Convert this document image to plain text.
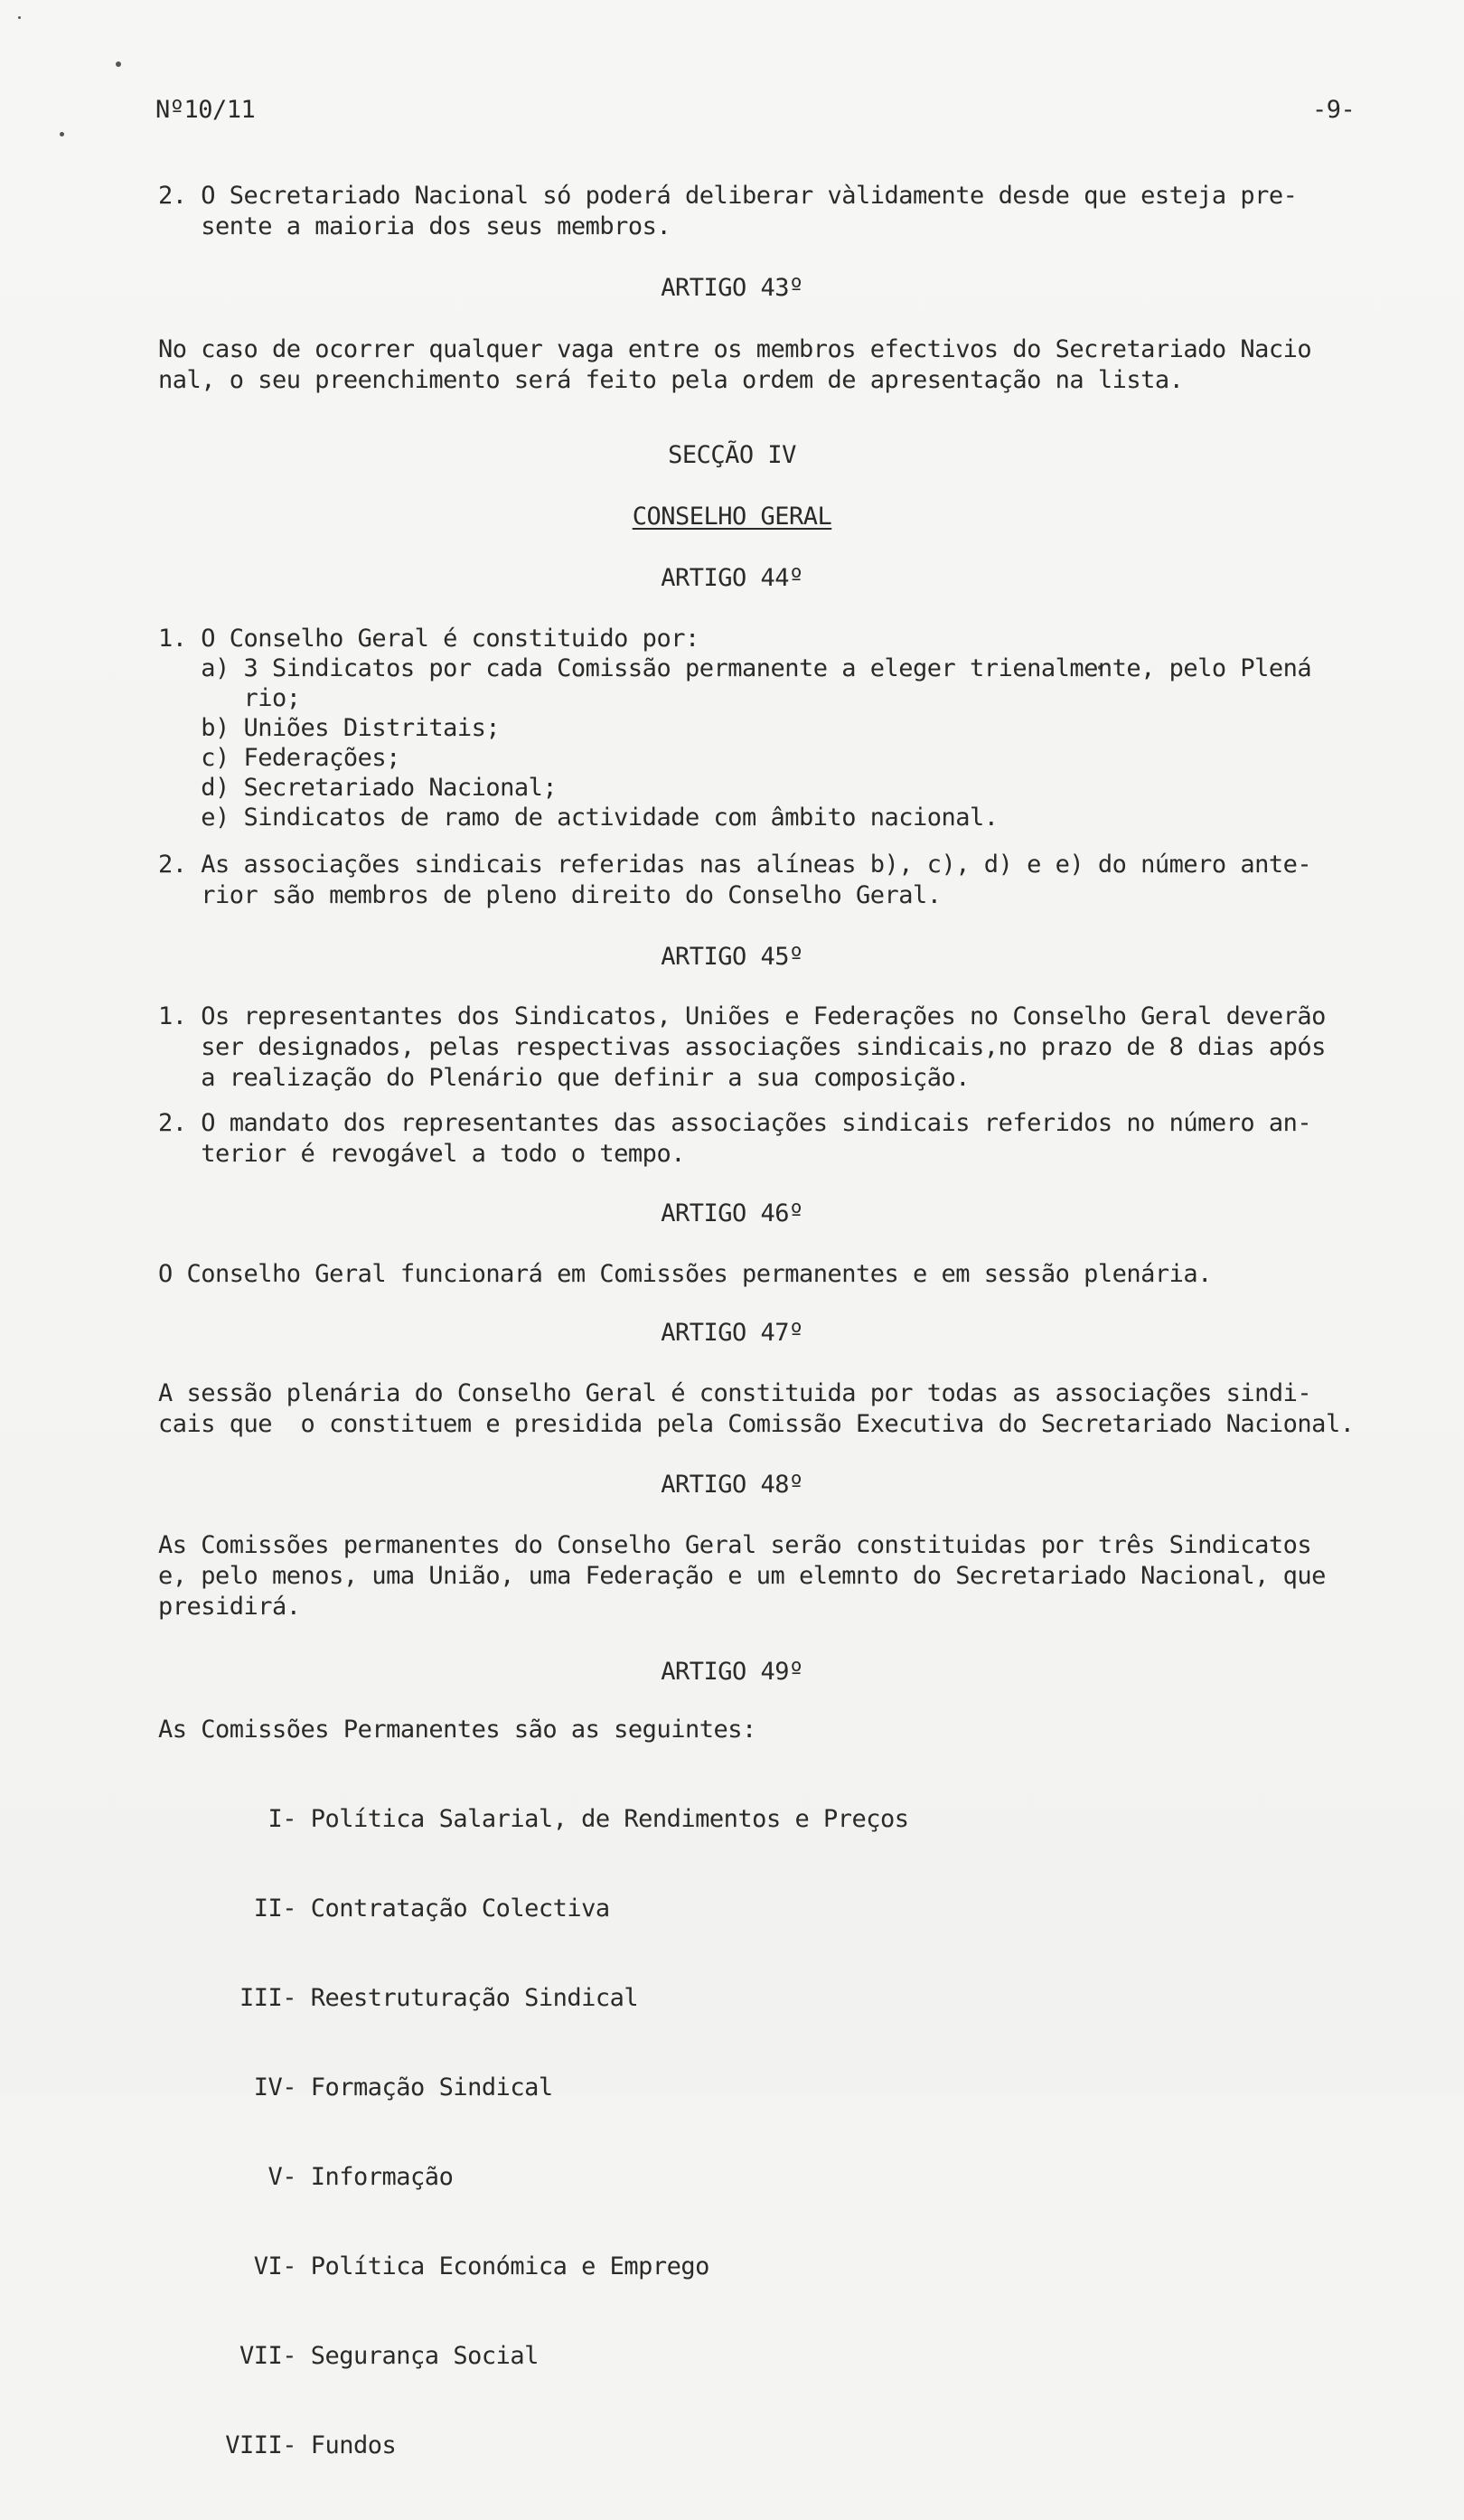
Nº10/11	-9-
2. O Secretariado Nacional só poderá deliberar vàlidamente desde que esteja pre-
sente a maioria dos seus membros.
ARTIGO 43º
No caso de ocorrer qualquer vaga entre os membros efectivos do Secretariado Nacio
nal, o seu preenchimento será feito pela ordem de apresentação na lista.
SECÇÃO IV
CONSELHO GERAL
ARTIGO 44º
1. O Conselho Geral é constituido por:
a) 3 Sindicatos por cada Comissão permanente a eleger trienalmente, pelo Plená
rio;
b) Uniões Distritais;
c) Federações;
d) Secretariado Nacional;
e) Sindicatos de ramo de actividade com âmbito nacional.
2. As associações sindicais referidas nas alíneas b), c), d) e e) do número ante-
rior são membros de pleno direito do Conselho Geral.
ARTIGO 45º
1. Os representantes dos Sindicatos, Uniões e Federações no Conselho Geral deverão
ser designados, pelas respectivas associações sindicais,no prazo de 8 dias após
a realização do Plenário que definir a sua composição.
2. O mandato dos representantes das associações sindicais referidos no número an-
terior é revogável a todo o tempo.
ARTIGO 46º
O Conselho Geral funcionará em Comissões permanentes e em sessão plenária.
ARTIGO 47º
A sessão plenária do Conselho Geral é constituida por todas as associações sindi-
cais que  o constituem e presidida pela Comissão Executiva do Secretariado Nacional.
ARTIGO 48º
As Comissões permanentes do Conselho Geral serão constituidas por três Sindicatos
e, pelo menos, uma União, uma Federação e um elemnto do Secretariado Nacional, que
presidirá.
ARTIGO 49º
As Comissões Permanentes são as seguintes:

I- Política Salarial, de Rendimentos e Preços

II- Contratação Colectiva

III- Reestruturação Sindical

IV- Formação Sindical

V- Informação

VI- Política Económica e Emprego

VII- Segurança Social

VIII- Fundos
